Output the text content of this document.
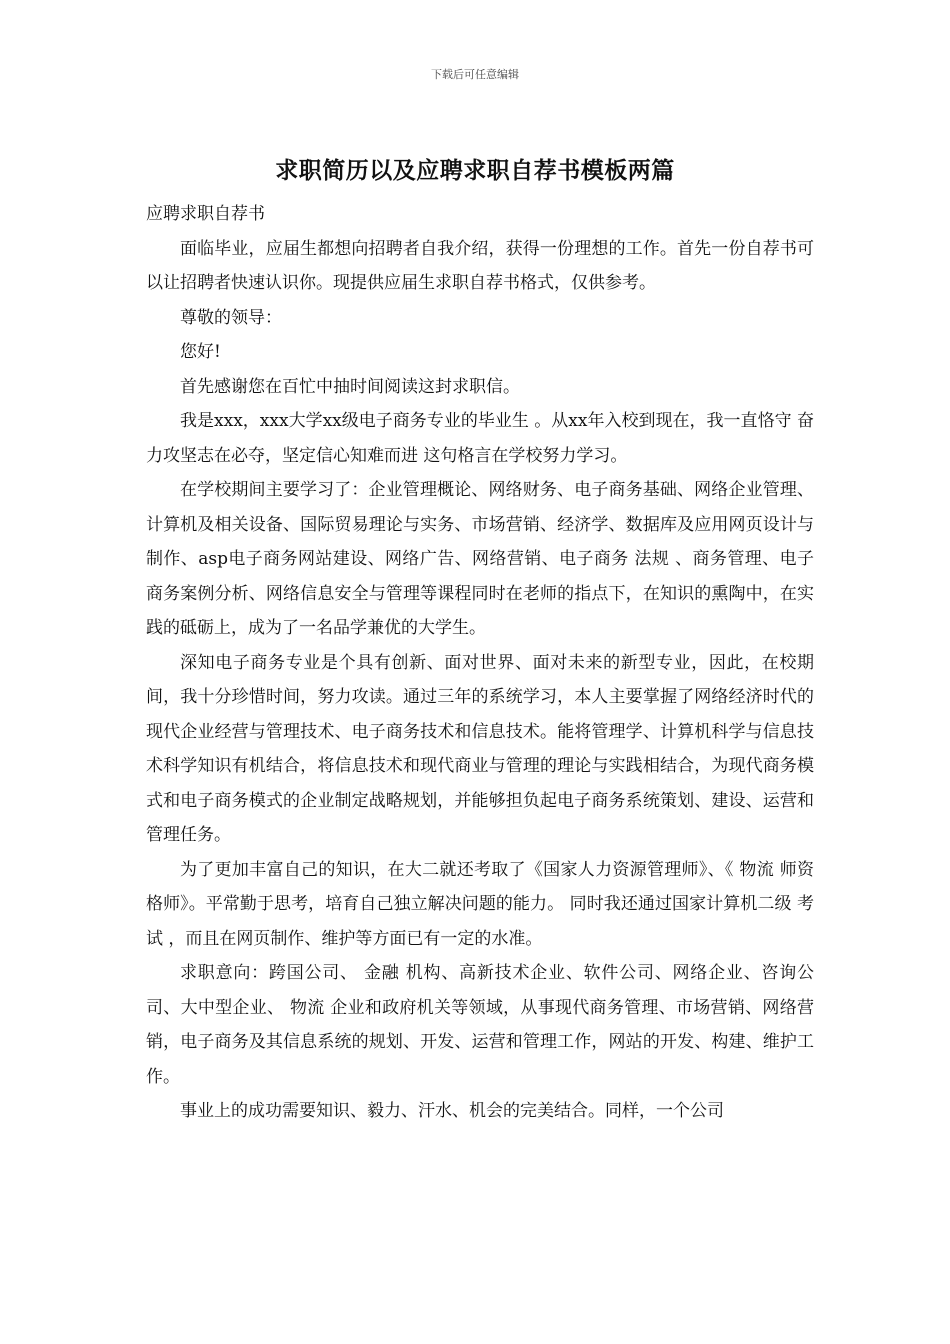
下载后可任意编辑
求职简历以及应聘求职自荐书模板两篇

应聘求职自荐书

面临毕业，应届生都想向招聘者自我介绍，获得一份理想的工作。首先一份自荐书可以让招聘者快速认识你。现提供应届生求职自荐书格式，仅供参考。

尊敬的领导：

您好!

首先感谢您在百忙中抽时间阅读这封求职信。

我是xxx，xxx大学xx级电子商务专业的毕业生 。从xx年入校到现在，我一直恪守 奋力攻坚志在必夺，坚定信心知难而进 这句格言在学校努力学习。

在学校期间主要学习了：企业管理概论、网络财务、电子商务基础、网络企业管理、计算机及相关设备、国际贸易理论与实务、市场营销、经济学、数据库及应用网页设计与制作、asp电子商务网站建设、网络广告、网络营销、电子商务 法规 、商务管理、电子商务案例分析、网络信息安全与管理等课程同时在老师的指点下，在知识的熏陶中，在实践的砥砺上，成为了一名品学兼优的大学生。

深知电子商务专业是个具有创新、面对世界、面对未来的新型专业，因此，在校期间，我十分珍惜时间，努力攻读。通过三年的系统学习，本人主要掌握了网络经济时代的现代企业经营与管理技术、电子商务技术和信息技术。能将管理学、计算机科学与信息技术科学知识有机结合，将信息技术和现代商业与管理的理论与实践相结合，为现代商务模式和电子商务模式的企业制定战略规划，并能够担负起电子商务系统策划、建设、运营和管理任务。

为了更加丰富自己的知识，在大二就还考取了《国家人力资源管理师》、《 物流 师资格师》。平常勤于思考，培育自己独立解决问题的能力。 同时我还通过国家计算机二级 考试 ，而且在网页制作、维护等方面已有一定的水准。

求职意向：跨国公司、 金融 机构、高新技术企业、软件公司、网络企业、咨询公司、大中型企业、 物流 企业和政府机关等领域，从事现代商务管理、市场营销、网络营销，电子商务及其信息系统的规划、开发、运营和管理工作，网站的开发、构建、维护工作。

事业上的成功需要知识、毅力、汗水、机会的完美结合。同样，一个公司
